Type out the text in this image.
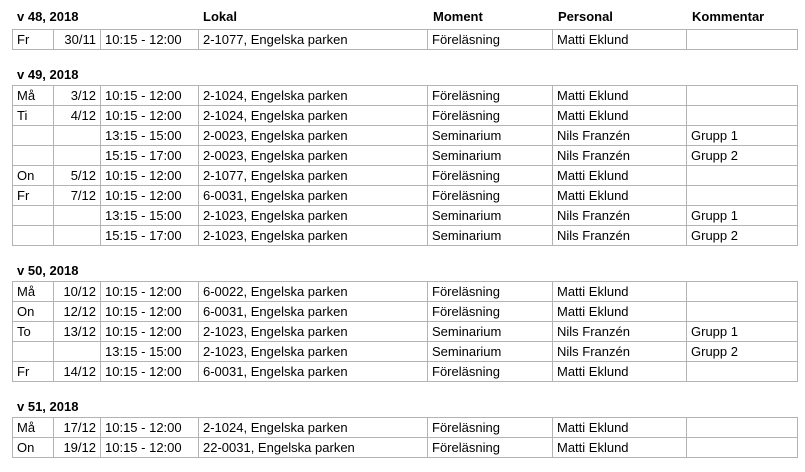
v 48, 2018	Lokal	Moment	Personal	Kommentar
Fr	30/11	10:15 - 12:00	2-1077, Engelska parken	Föreläsning	Matti Eklund	
v 49, 2018
Må	3/12	10:15 - 12:00	2-1024, Engelska parken	Föreläsning	Matti Eklund	
Ti	4/12	10:15 - 12:00	2-1024, Engelska parken	Föreläsning	Matti Eklund	
		13:15 - 15:00	2-0023, Engelska parken	Seminarium	Nils Franzén	Grupp 1
		15:15 - 17:00	2-0023, Engelska parken	Seminarium	Nils Franzén	Grupp 2
On	5/12	10:15 - 12:00	2-1077, Engelska parken	Föreläsning	Matti Eklund	
Fr	7/12	10:15 - 12:00	6-0031, Engelska parken	Föreläsning	Matti Eklund	
		13:15 - 15:00	2-1023, Engelska parken	Seminarium	Nils Franzén	Grupp 1
		15:15 - 17:00	2-1023, Engelska parken	Seminarium	Nils Franzén	Grupp 2
v 50, 2018
Må	10/12	10:15 - 12:00	6-0022, Engelska parken	Föreläsning	Matti Eklund	
On	12/12	10:15 - 12:00	6-0031, Engelska parken	Föreläsning	Matti Eklund	
To	13/12	10:15 - 12:00	2-1023, Engelska parken	Seminarium	Nils Franzén	Grupp 1
		13:15 - 15:00	2-1023, Engelska parken	Seminarium	Nils Franzén	Grupp 2
Fr	14/12	10:15 - 12:00	6-0031, Engelska parken	Föreläsning	Matti Eklund	
v 51, 2018
Må	17/12	10:15 - 12:00	2-1024, Engelska parken	Föreläsning	Matti Eklund	
On	19/12	10:15 - 12:00	22-0031, Engelska parken	Föreläsning	Matti Eklund	
